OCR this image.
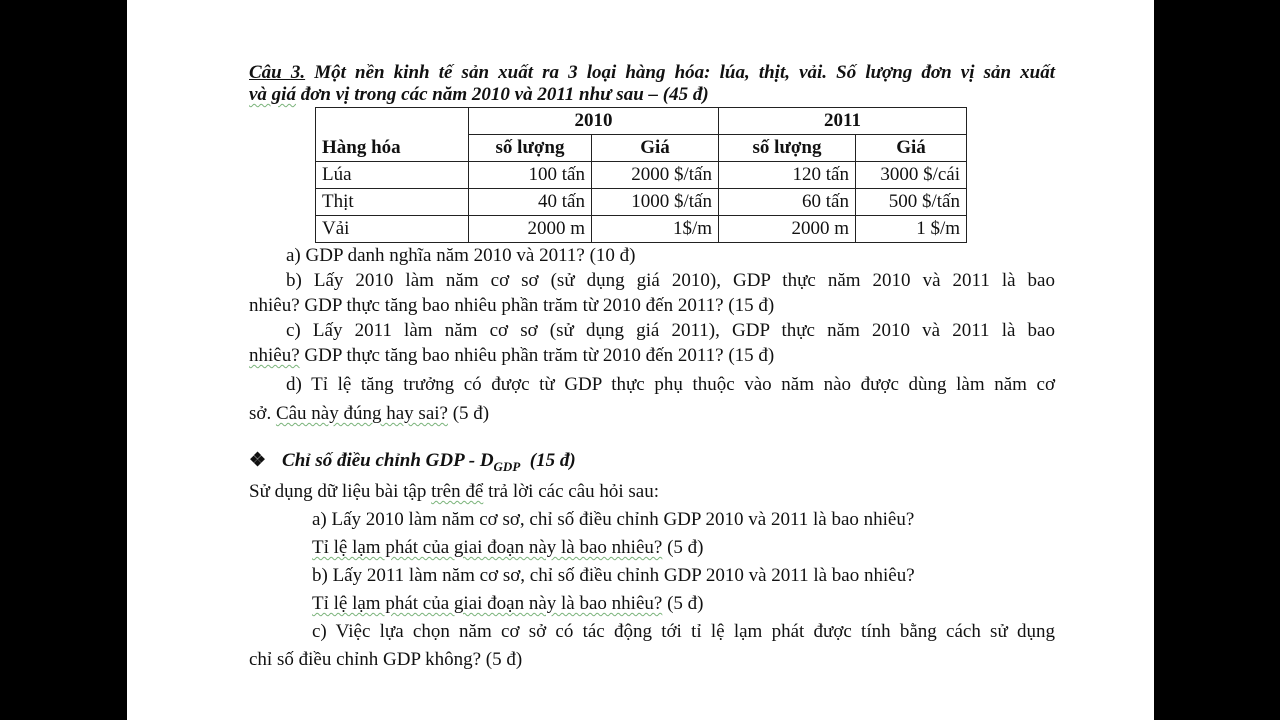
Câu 3. Một nền kinh tế sản xuất ra 3 loại hàng hóa: lúa, thịt, vải. Số lượng đơn vị sản xuất
và giá đơn vị trong các năm 2010 và 2011 như sau – (45 đ)
Hàng hóa	2010		2011	
	số lượng	Giá	số lượng	Giá
Lúa	100 tấn	2000 $/tấn	120 tấn	3000 $/cái
Thịt	40 tấn	1000 $/tấn	60 tấn	500 $/tấn
Vải	2000 m	1$/m	2000 m	1 $/m
a) GDP danh nghĩa năm 2010 và 2011? (10 đ)
b) Lấy 2010 làm năm cơ sơ (sử dụng giá 2010), GDP thực năm 2010 và 2011 là bao
nhiêu? GDP thực tăng bao nhiêu phần trăm từ 2010 đến 2011? (15 đ)
c) Lấy 2011 làm năm cơ sơ (sử dụng giá 2011), GDP thực năm 2010 và 2011 là bao
nhiêu? GDP thực tăng bao nhiêu phần trăm từ 2010 đến 2011? (15 đ)
d) Tỉ lệ tăng trưởng có được từ GDP thực phụ thuộc vào năm nào được dùng làm năm cơ
sở. Câu này đúng hay sai? (5 đ)
❖ Chỉ số điều chỉnh GDP - $D_{GDP}$ (15 đ)
Sử dụng dữ liệu bài tập trên để trả lời các câu hỏi sau:
a) Lấy 2010 làm năm cơ sơ, chỉ số điều chỉnh GDP 2010 và 2011 là bao nhiêu?
Tỉ lệ lạm phát của giai đoạn này là bao nhiêu? (5 đ)
b) Lấy 2011 làm năm cơ sơ, chỉ số điều chỉnh GDP 2010 và 2011 là bao nhiêu?
Tỉ lệ lạm phát của giai đoạn này là bao nhiêu? (5 đ)
c) Việc lựa chọn năm cơ sở có tác động tới tỉ lệ lạm phát được tính bằng cách sử dụng
chỉ số điều chỉnh GDP không? (5 đ)
